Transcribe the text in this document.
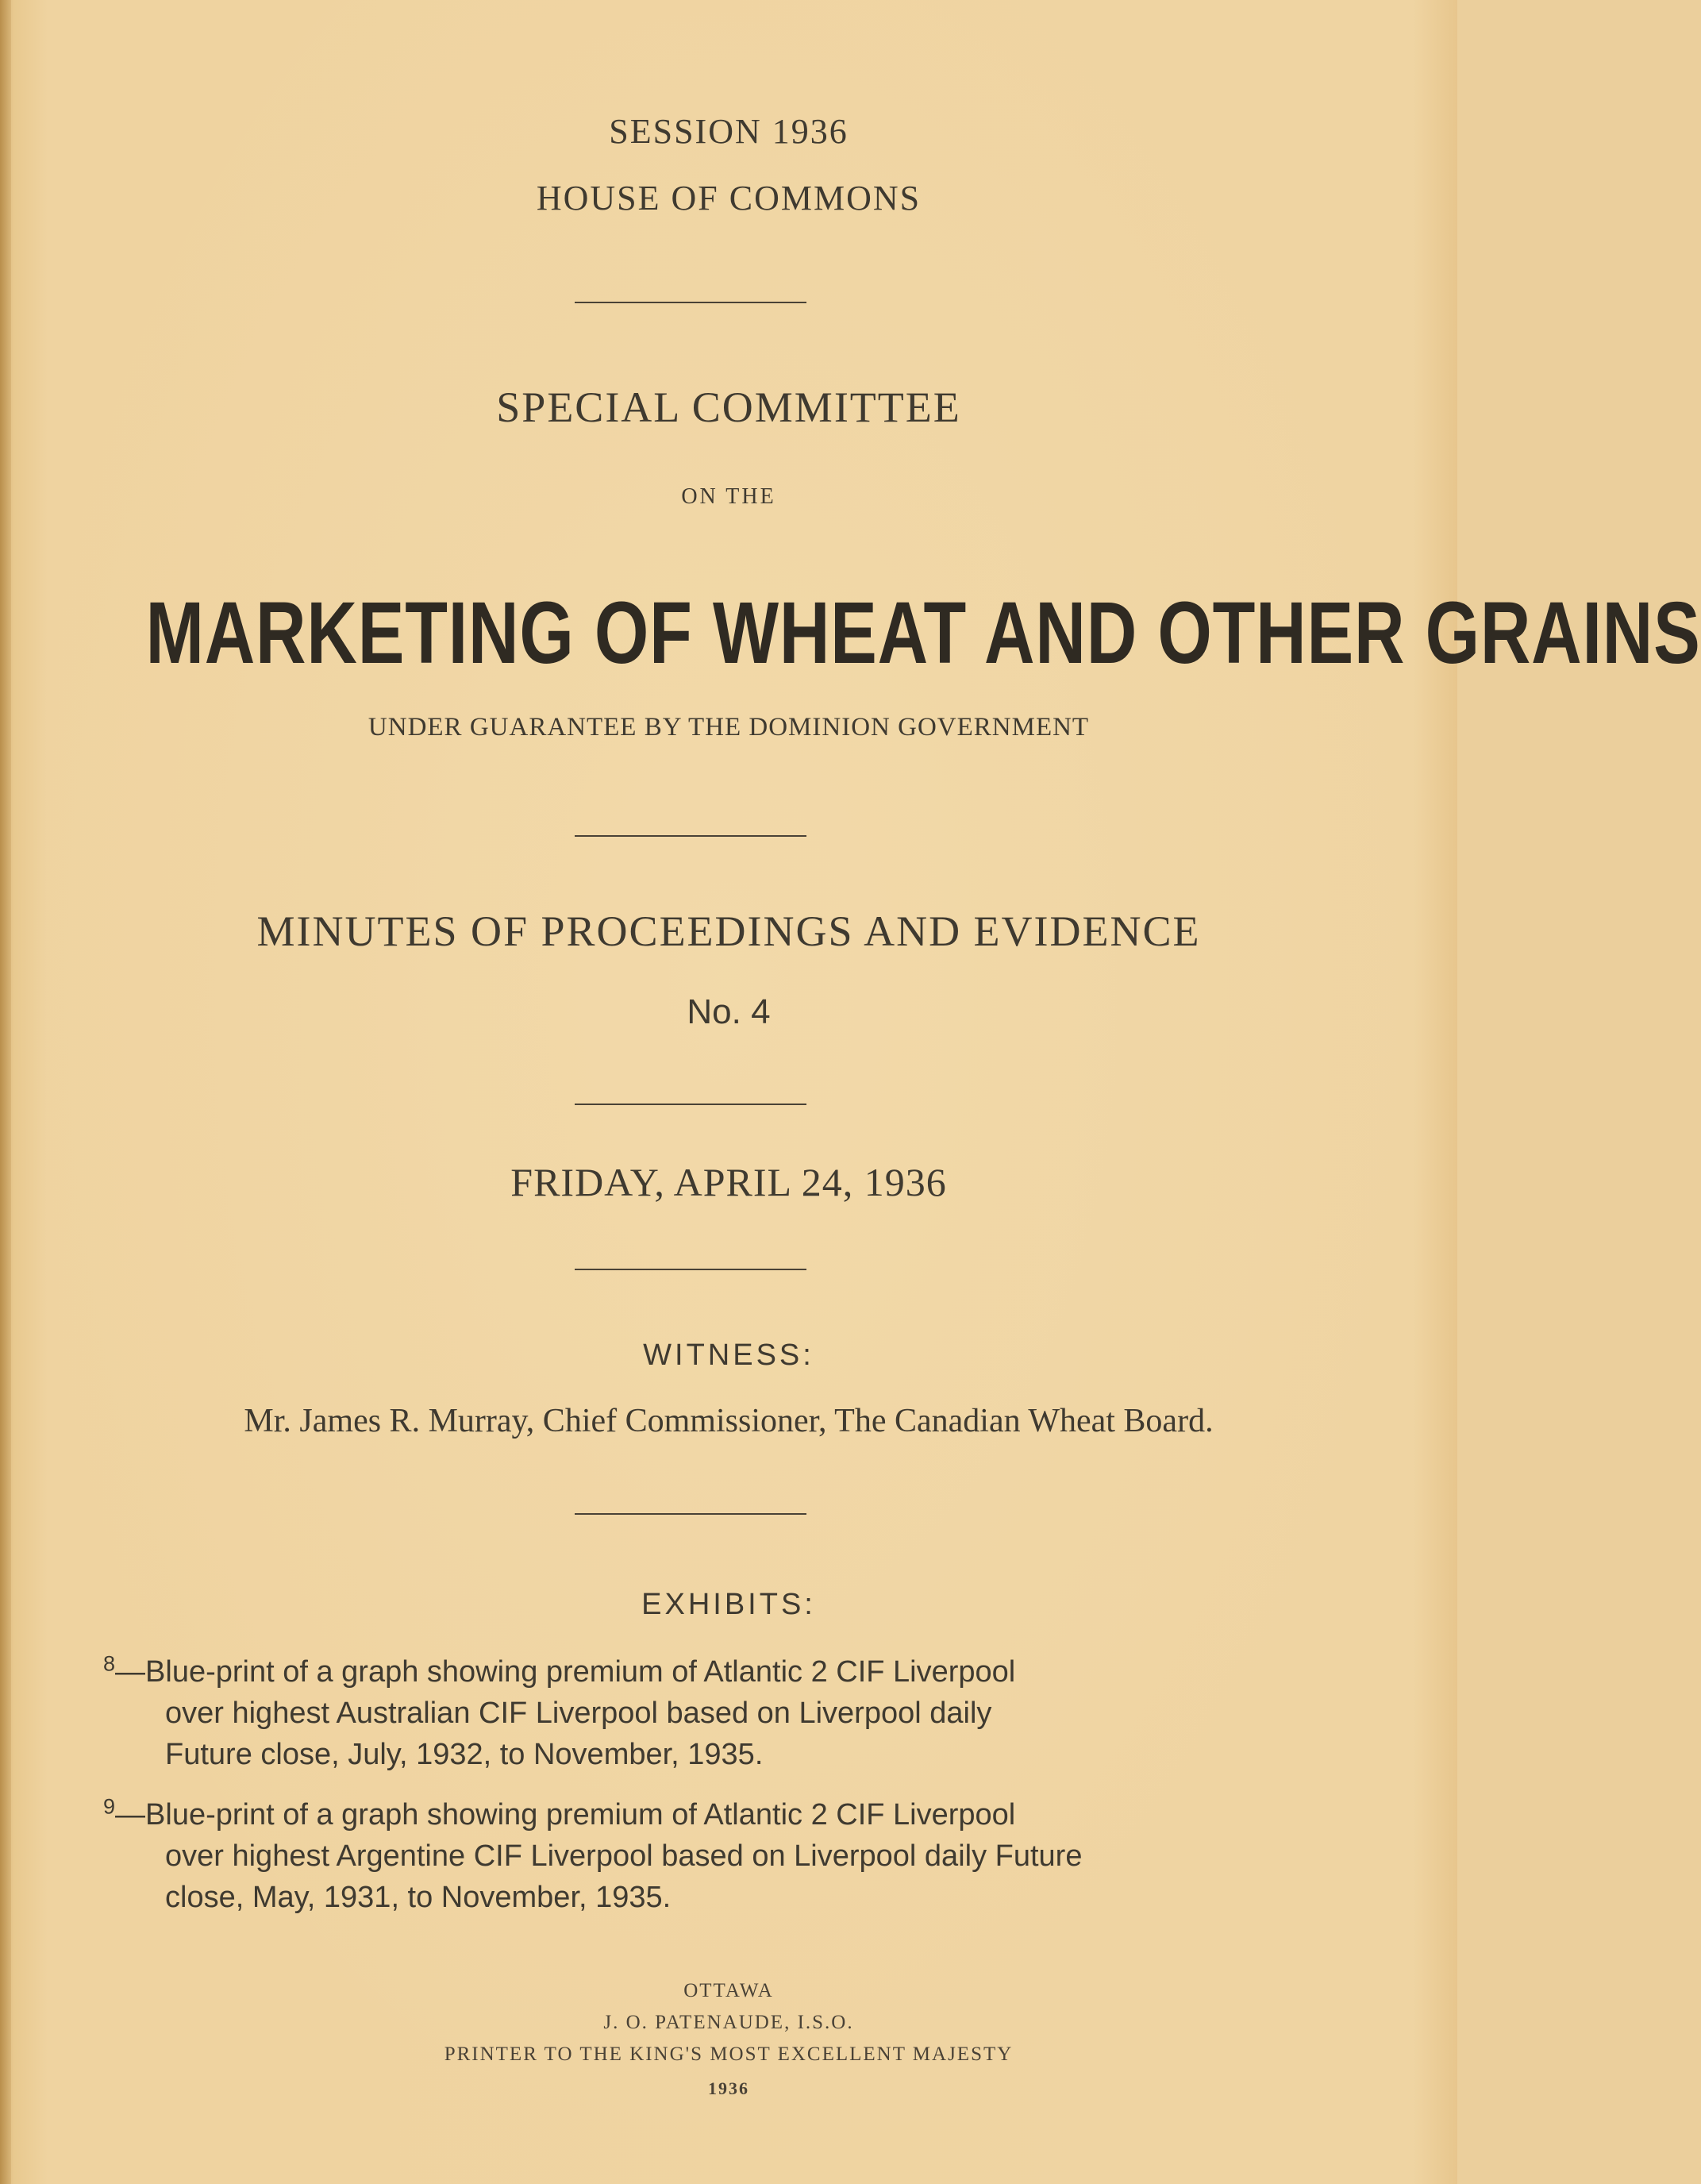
SESSION 1936

HOUSE OF COMMONS

SPECIAL COMMITTEE

ON THE

MARKETING OF WHEAT AND OTHER GRAINS

UNDER GUARANTEE BY THE DOMINION GOVERNMENT

MINUTES OF PROCEEDINGS AND EVIDENCE

No. 4

FRIDAY, APRIL 24, 1936

WITNESS:

Mr. James R. Murray, Chief Commissioner, The Canadian Wheat Board.

EXHIBITS:

$^8$—Blue-print of a graph showing premium of Atlantic 2 CIF Liverpool
over highest Australian CIF Liverpool based on Liverpool daily
Future close, July, 1932, to November, 1935.
$^9$—Blue-print of a graph showing premium of Atlantic 2 CIF Liverpool
over highest Argentine CIF Liverpool based on Liverpool daily Future
close, May, 1931, to November, 1935.

OTTAWA

J. O. PATENAUDE, I.S.O.

PRINTER TO THE KING'S MOST EXCELLENT MAJESTY

1936
